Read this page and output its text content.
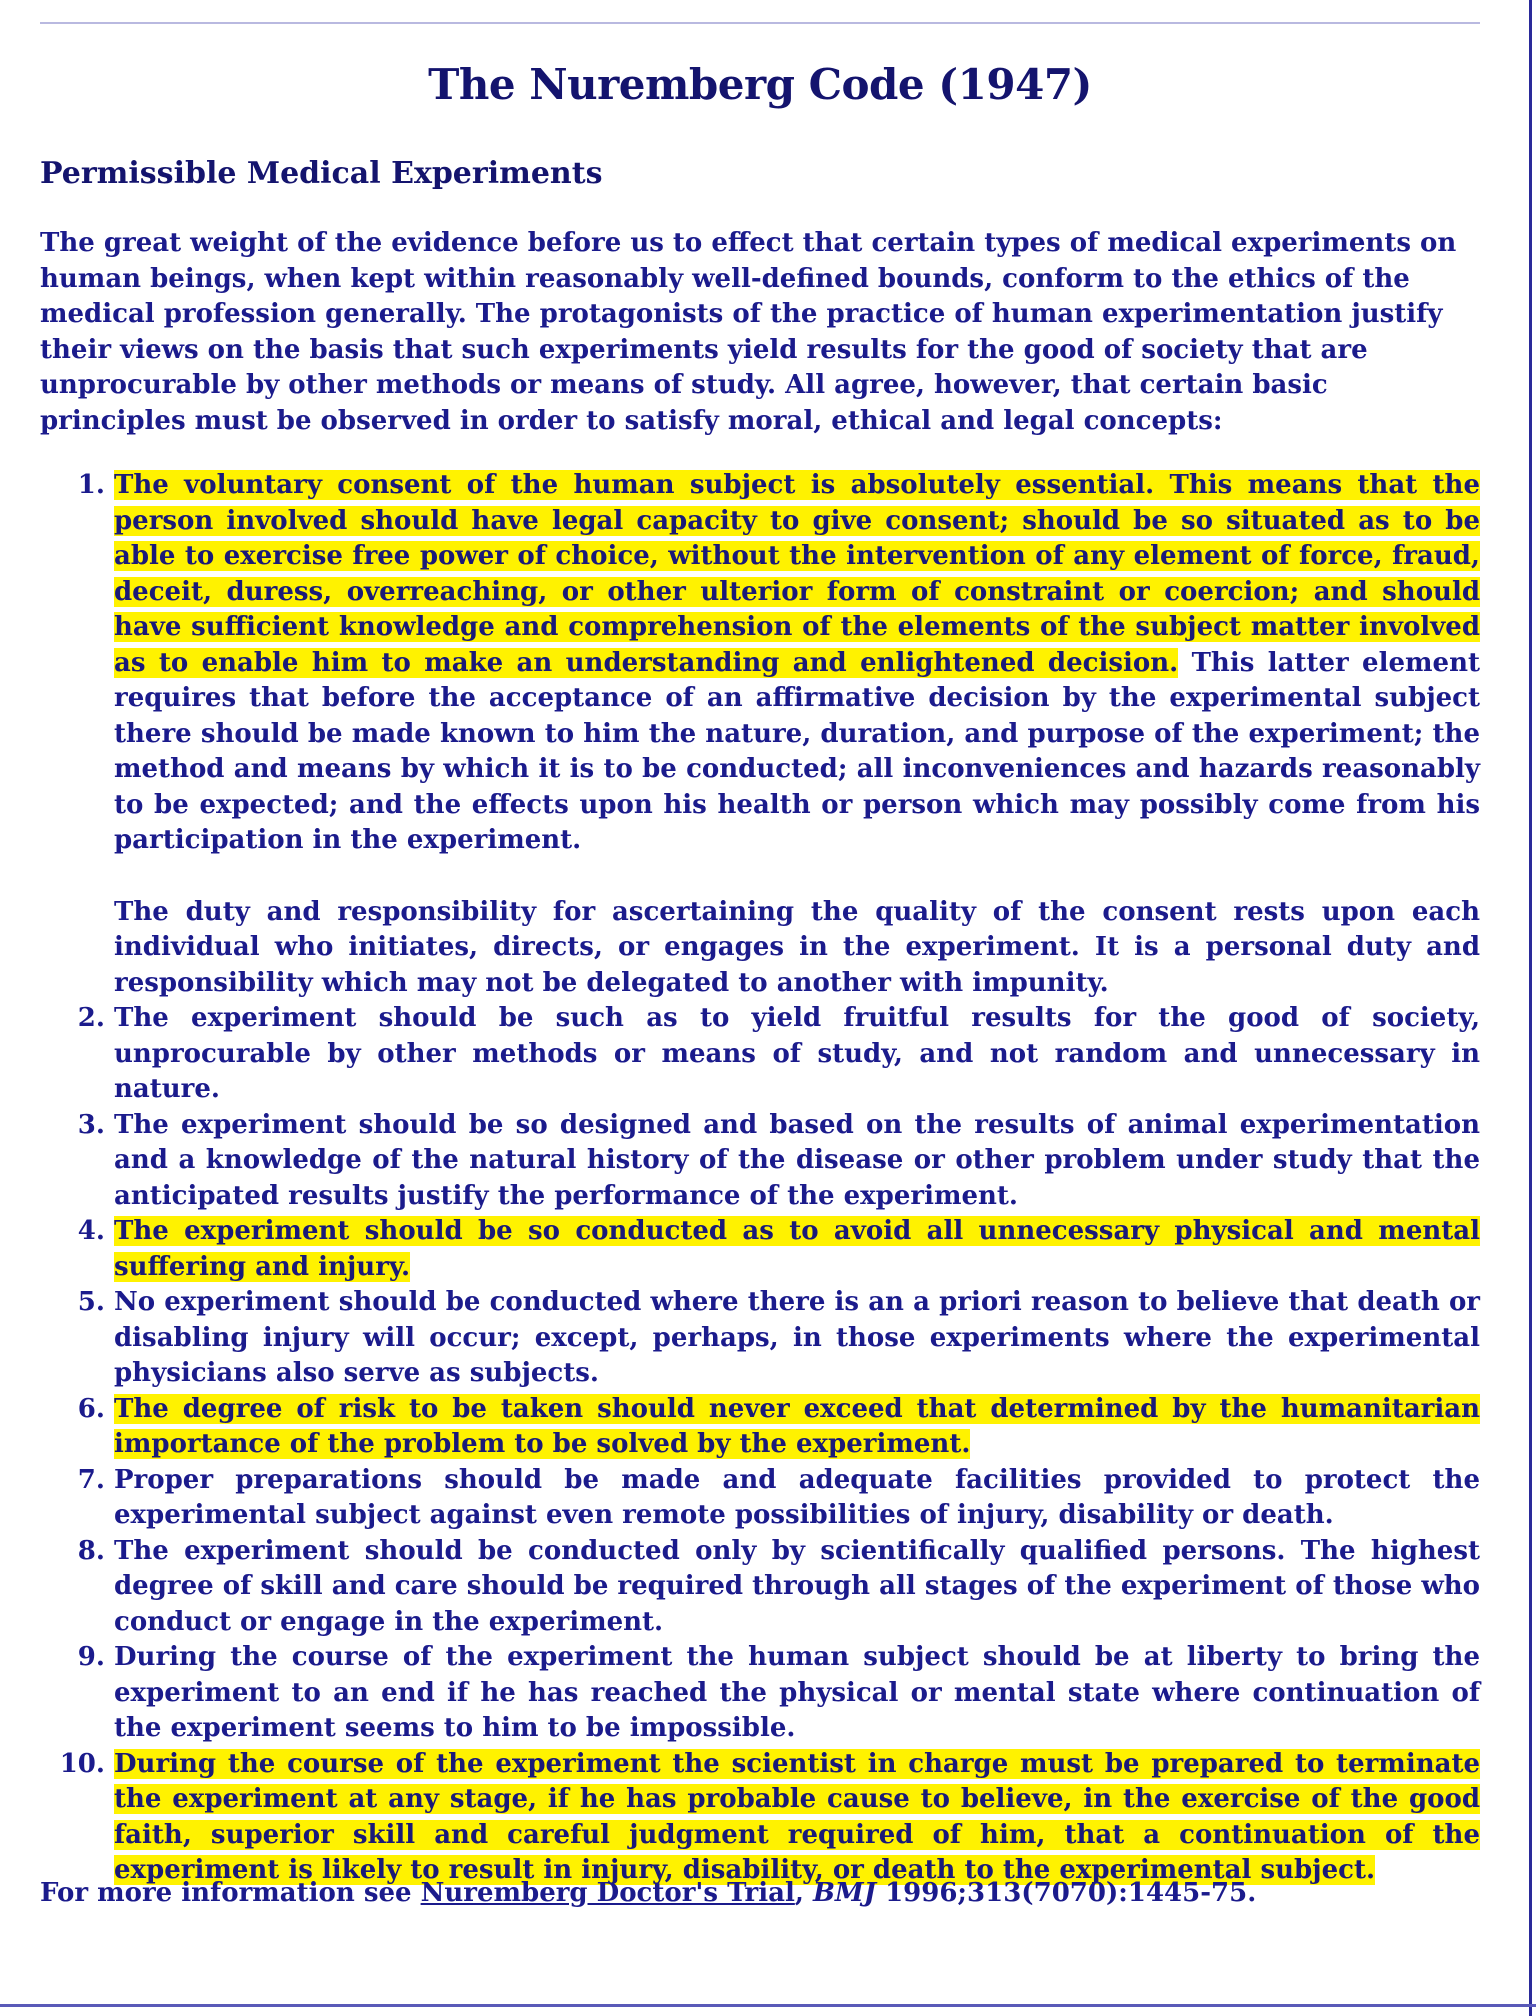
The Nuremberg Code (1947)
Permissible Medical Experiments

The great weight of the evidence before us to effect that certain types of medical experiments on human beings, when kept within reasonably well-defined bounds, conform to the ethics of the medical profession generally. The protagonists of the practice of human experimentation justify their views on the basis that such experiments yield results for the good of society that are unprocurable by other methods or means of study. All agree, however, that certain basic principles must be observed in order to satisfy moral, ethical and legal concepts:

1. The voluntary consent of the human subject is absolutely essential. This means that the person involved should have legal capacity to give consent; should be so situated as to be able to exercise free power of choice, without the intervention of any element of force, fraud, deceit, duress, overreaching, or other ulterior form of constraint or coercion; and should have sufficient knowledge and comprehension of the elements of the subject matter involved as to enable him to make an understanding and enlightened decision. This latter element requires that before the acceptance of an affirmative decision by the experimental subject there should be made known to him the nature, duration, and purpose of the experiment; the method and means by which it is to be conducted; all inconveniences and hazards reasonably to be expected; and the effects upon his health or person which may possibly come from his participation in the experiment.
The duty and responsibility for ascertaining the quality of the consent rests upon each individual who initiates, directs, or engages in the experiment. It is a personal duty and responsibility which may not be delegated to another with impunity.
2. The experiment should be such as to yield fruitful results for the good of society, unprocurable by other methods or means of study, and not random and unnecessary in nature.
3. The experiment should be so designed and based on the results of animal experimentation and a knowledge of the natural history of the disease or other problem under study that the anticipated results justify the performance of the experiment.
4. The experiment should be so conducted as to avoid all unnecessary physical and mental suffering and injury.
5. No experiment should be conducted where there is an a priori reason to believe that death or disabling injury will occur; except, perhaps, in those experiments where the experimental physicians also serve as subjects.
6. The degree of risk to be taken should never exceed that determined by the humanitarian importance of the problem to be solved by the experiment.
7. Proper preparations should be made and adequate facilities provided to protect the experimental subject against even remote possibilities of injury, disability or death.
8. The experiment should be conducted only by scientifically qualified persons. The highest degree of skill and care should be required through all stages of the experiment of those who conduct or engage in the experiment.
9. During the course of the experiment the human subject should be at liberty to bring the experiment to an end if he has reached the physical or mental state where continuation of the experiment seems to him to be impossible.
10. During the course of the experiment the scientist in charge must be prepared to terminate the experiment at any stage, if he has probable cause to believe, in the exercise of the good faith, superior skill and careful judgment required of him, that a continuation of the experiment is likely to result in injury, disability, or death to the experimental subject.

For more information see Nuremberg Doctor's Trial, BMJ 1996;313(7070):1445-75.
